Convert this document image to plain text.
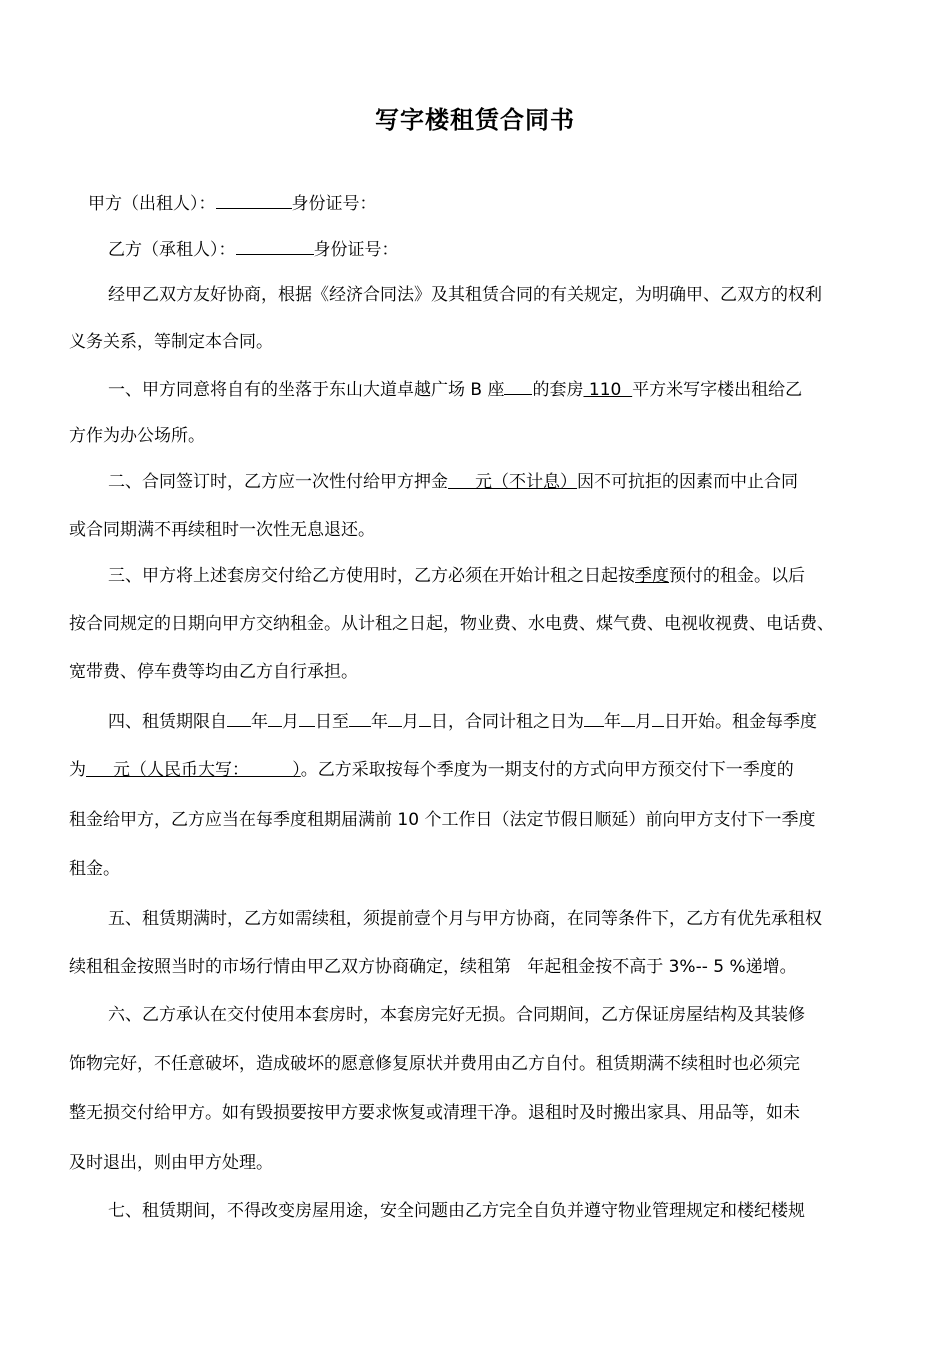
写字楼租赁合同书
甲方（出租人）：	身份证号：
乙方（承租人）：	身份证号：
经甲乙双方友好协商，根据《经济合同法》及其租赁合同的有关规定，为明确甲、乙双方的权利
义务关系，等制定本合同。
一、甲方同意将自有的坐落于东山大道卓越广场 B 座 的套房 110  平方米写字楼出租给乙
方作为办公场所。
二、合同签订时，乙方应一次性付给甲方押金     元（不计息）因不可抗拒的因素而中止合同
或合同期满不再续租时一次性无息退还。
三、甲方将上述套房交付给乙方使用时，乙方必须在开始计租之日起按季度预付的租金。以后
按合同规定的日期向甲方交纳租金。从计租之日起，物业费、水电费、煤气费、电视收视费、电话费、
宽带费、停车费等均由乙方自行承担。
四、租赁期限自 年 月 日至 年 月 日，合同计租之日为 年 月 日开始。租金每季度
为     元（人民币大写：        ）。乙方采取按每个季度为一期支付的方式向甲方预交付下一季度的
租金给甲方，乙方应当在每季度租期届满前 10 个工作日（法定节假日顺延）前向甲方支付下一季度
租金。
五、租赁期满时，乙方如需续租，须提前壹个月与甲方协商，在同等条件下，乙方有优先承租权
续租租金按照当时的市场行情由甲乙双方协商确定，续租第   年起租金按不高于 3%-- 5 %递增。
六、乙方承认在交付使用本套房时，本套房完好无损。合同期间，乙方保证房屋结构及其装修
饰物完好，不任意破坏，造成破坏的愿意修复原状并费用由乙方自付。租赁期满不续租时也必须完
整无损交付给甲方。如有毁损要按甲方要求恢复或清理干净。退租时及时搬出家具、用品等，如未
及时退出，则由甲方处理。
七、租赁期间，不得改变房屋用途，安全问题由乙方完全自负并遵守物业管理规定和楼纪楼规
